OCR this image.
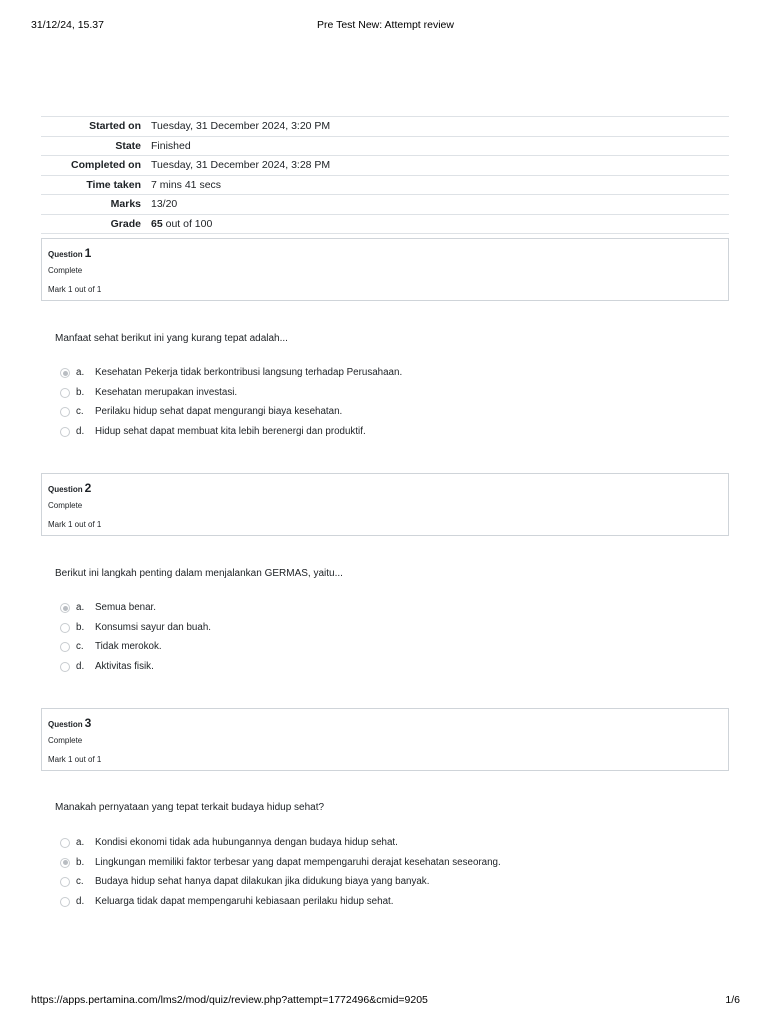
31/12/24, 15.37	Pre Test New: Attempt review
Started on	Tuesday, 31 December 2024, 3:20 PM
State	Finished
Completed on	Tuesday, 31 December 2024, 3:28 PM
Time taken	7 mins 41 secs
Marks	13/20
Grade	65 out of 100
Question 1
Complete
Mark 1 out of 1
Manfaat sehat berikut ini yang kurang tepat adalah...
a. Kesehatan Pekerja tidak berkontribusi langsung terhadap Perusahaan.
b. Kesehatan merupakan investasi.
c. Perilaku hidup sehat dapat mengurangi biaya kesehatan.
d. Hidup sehat dapat membuat kita lebih berenergi dan produktif.
Question 2
Complete
Mark 1 out of 1
Berikut ini langkah penting dalam menjalankan GERMAS, yaitu...
a. Semua benar.
b. Konsumsi sayur dan buah.
c. Tidak merokok.
d. Aktivitas fisik.
Question 3
Complete
Mark 1 out of 1
Manakah pernyataan yang tepat terkait budaya hidup sehat?
a. Kondisi ekonomi tidak ada hubungannya dengan budaya hidup sehat.
b. Lingkungan memiliki faktor terbesar yang dapat mempengaruhi derajat kesehatan seseorang.
c. Budaya hidup sehat hanya dapat dilakukan jika didukung biaya yang banyak.
d. Keluarga tidak dapat mempengaruhi kebiasaan perilaku hidup sehat.
https://apps.pertamina.com/lms2/mod/quiz/review.php?attempt=1772496&cmid=9205	1/6
